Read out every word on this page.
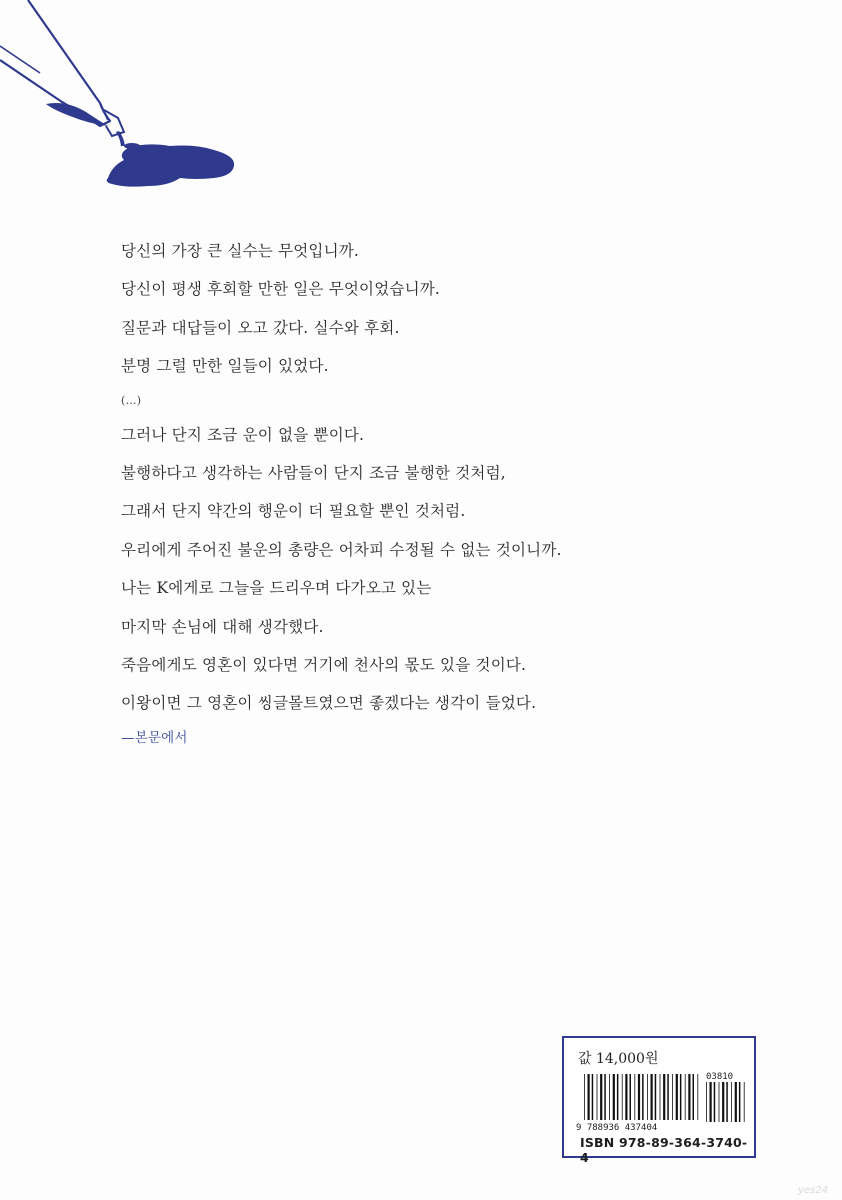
당신의 가장 큰 실수는 무엇입니까.
당신이 평생 후회할 만한 일은 무엇이었습니까.
질문과 대답들이 오고 갔다. 실수와 후회.
분명 그럴 만한 일들이 있었다.
(…)
그러나 단지 조금 운이 없을 뿐이다.
불행하다고 생각하는 사람들이 단지 조금 불행한 것처럼,
그래서 단지 약간의 행운이 더 필요할 뿐인 것처럼.
우리에게 주어진 불운의 총량은 어차피 수정될 수 없는 것이니까.
나는 K에게로 그늘을 드리우며 다가오고 있는
마지막 손님에 대해 생각했다.
죽음에게도 영혼이 있다면 거기에 천사의 몫도 있을 것이다.
이왕이면 그 영혼이 씽글몰트였으면 좋겠다는 생각이 들었다.
—본문에서
값 14,000원
9 788936 437404
03810
ISBN 978-89-364-3740-4
yes24
